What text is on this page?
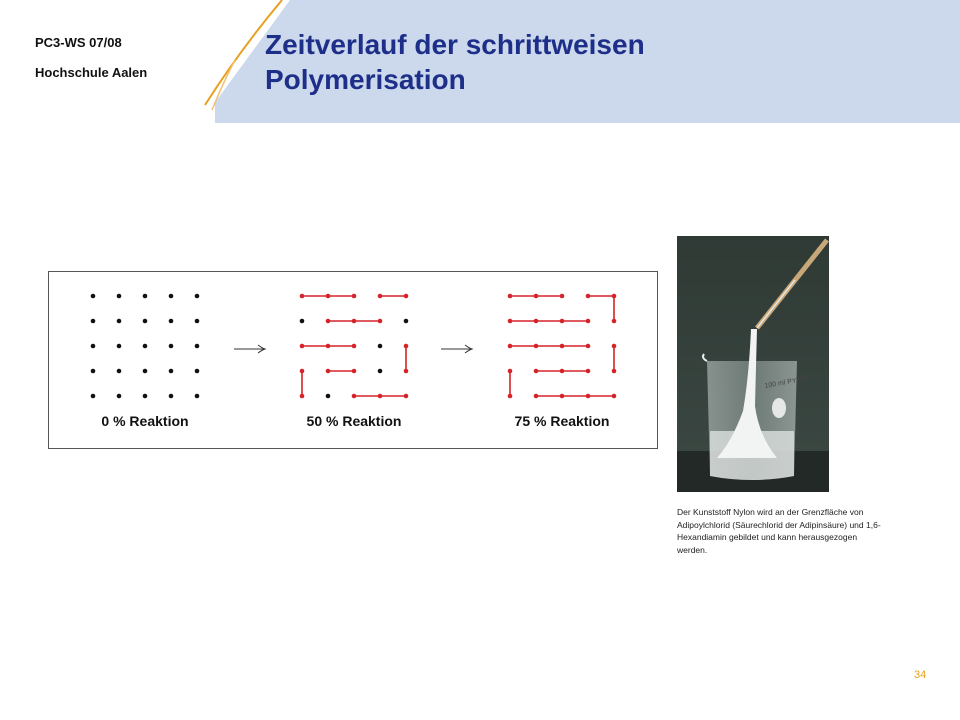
PC3-WS 07/08
Hochschule Aalen
Zeitverlauf der schrittweisen
Polymerisation
0 % Reaktion	50 % Reaktion	75 % Reaktion
100 ml PYREX

Der Kunststoff Nylon wird an der Grenzfläche von Adipoylchlorid (Säurechlorid der Adipinsäure) und 1,6-Hexandiamin gebildet und kann herausgezogen werden.

34
